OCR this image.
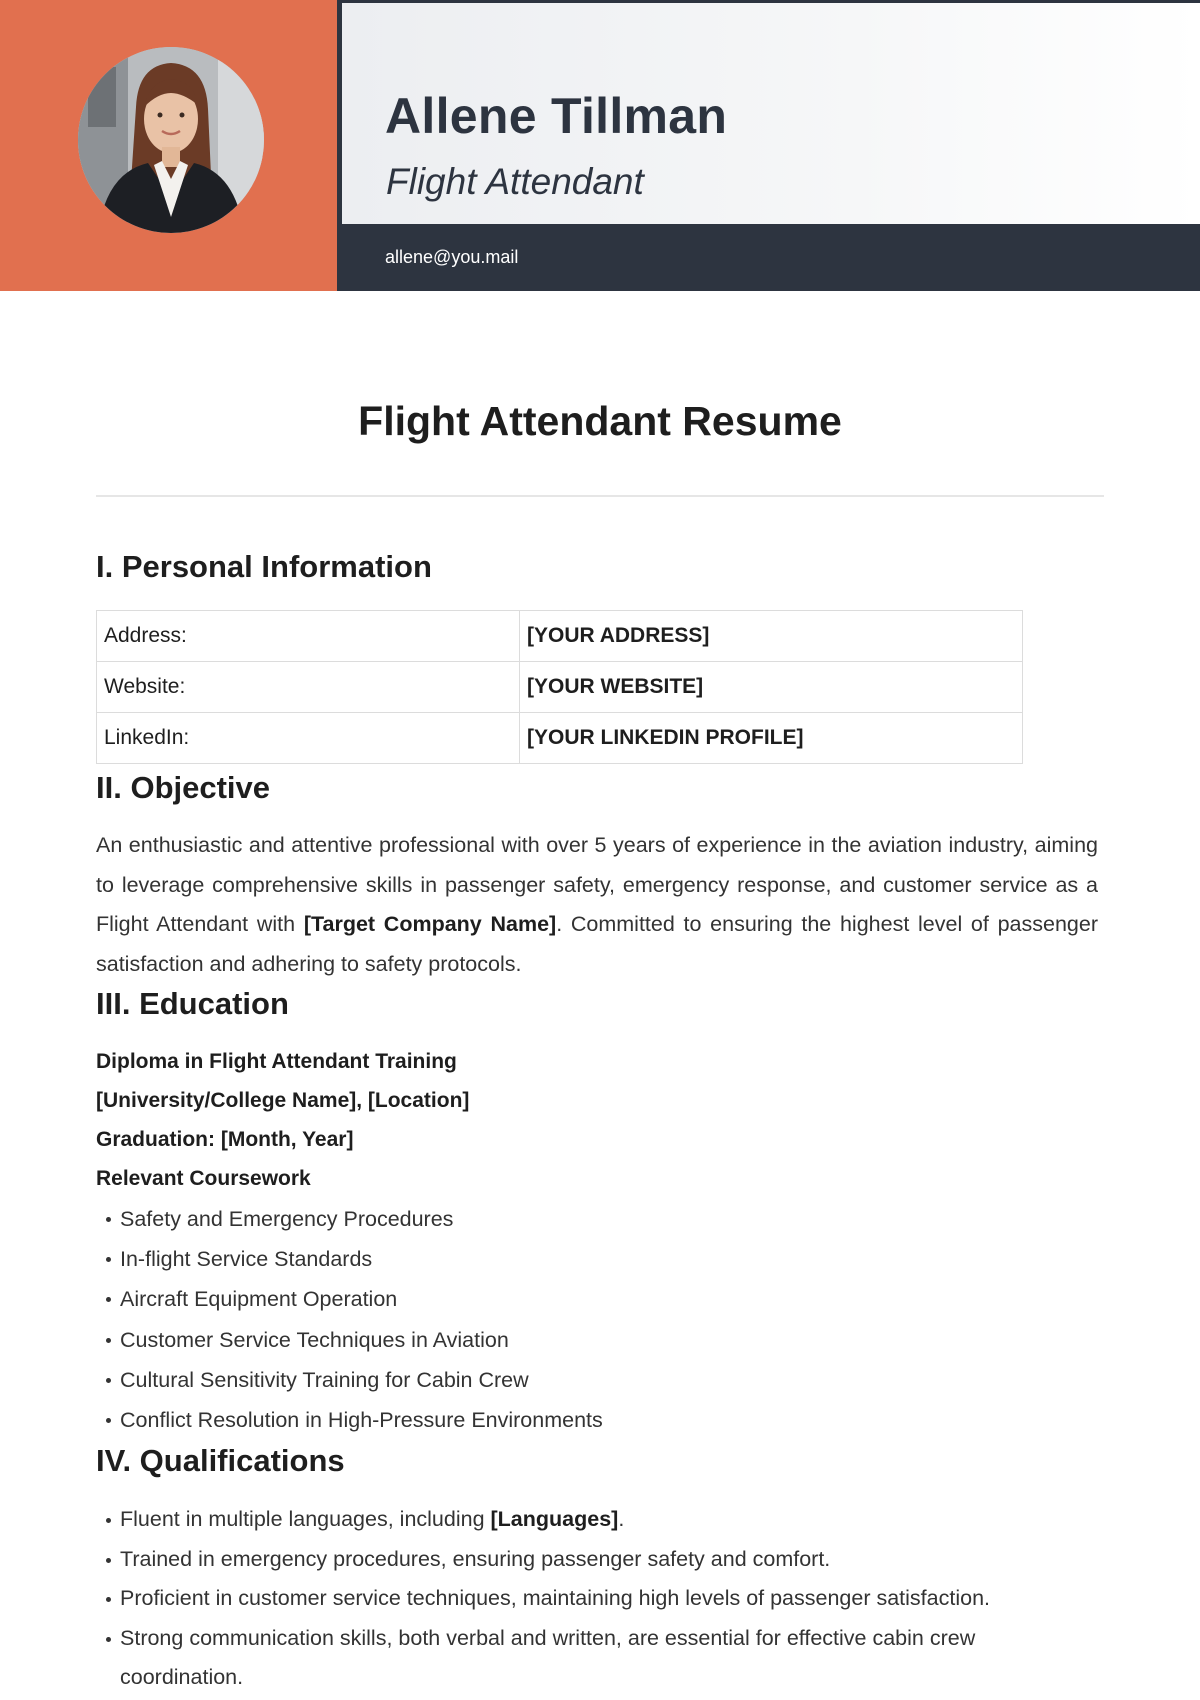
Allene Tillman
Flight Attendant
allene@you.mail
Flight Attendant Resume
I. Personal Information
Address:	[YOUR ADDRESS]
Website:	[YOUR WEBSITE]
LinkedIn:	[YOUR LINKEDIN PROFILE]
II. Objective

An enthusiastic and attentive professional with over 5 years of experience in the aviation industry, aiming to leverage comprehensive skills in passenger safety, emergency response, and customer service as a Flight Attendant with [Target Company Name]. Committed to ensuring the highest level of passenger satisfaction and adhering to safety protocols.

III. Education
Diploma in Flight Attendant Training
[University/College Name], [Location]
Graduation: [Month, Year]
Relevant Coursework
Safety and Emergency Procedures
In-flight Service Standards
Aircraft Equipment Operation
Customer Service Techniques in Aviation
Cultural Sensitivity Training for Cabin Crew
Conflict Resolution in High-Pressure Environments
IV. Qualifications
Fluent in multiple languages, including [Languages].
Trained in emergency procedures, ensuring passenger safety and comfort.
Proficient in customer service techniques, maintaining high levels of passenger satisfaction.
Strong communication skills, both verbal and written, are essential for effective cabin crew coordination.
